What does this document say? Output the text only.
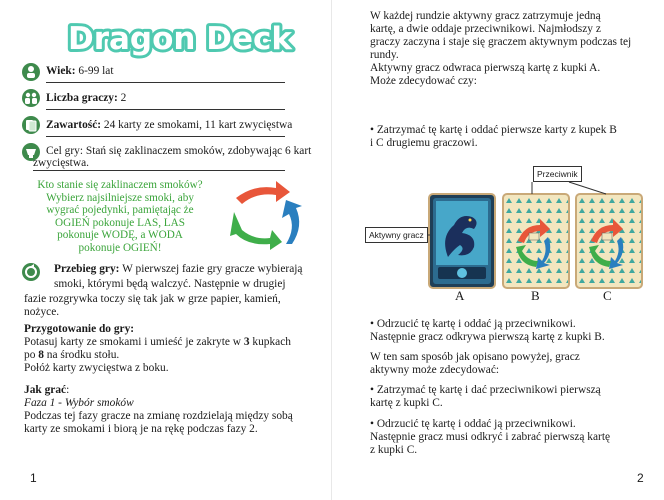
Dragon Deck
Wiek: 6-99 lat
Liczba graczy: 2
Zawartość: 24 karty ze smokami, 11 kart zwycięstwa
Cel gry: Stań się zaklinaczem smoków, zdobywając 6 kart
zwycięstwa.
Kto stanie się zaklinaczem smoków?
Wybierz najsilniejsze smoki, aby
wygrać pojedynki, pamiętając że
OGIEŃ pokonuje LAS, LAS
pokonuje WODĘ, a WODA
pokonuje OGIEŃ!
Przebieg gry: W pierwszej fazie gry gracze wybierają
smoki, którymi będą walczyć. Następnie w drugiej
fazie rozgrywka toczy się tak jak w grze papier, kamień,
nożyce.
Przygotowanie do gry:
Potasuj karty ze smokami i umieść je zakryte w 3 kupkach
po 8 na środku stołu.
Połóż karty zwycięstwa z boku.
Jak grać:
Faza 1 - Wybór smoków
Podczas tej fazy gracze na zmianę rozdzielają między sobą
karty ze smokami i biorą je na rękę podczas fazy 2.
1
W każdej rundzie aktywny gracz zatrzymuje jedną
kartę, a dwie oddaje przeciwnikowi. Najmłodszy z
graczy zaczyna i staje się graczem aktywnym podczas tej
rundy.
Aktywny gracz odwraca pierwszą kartę z kupki A.
Może zdecydować czy:
• Zatrzymać tę kartę i oddać pierwsze karty z kupek B
i C drugiemu graczowi.
Aktywny gracz
Przeciwnik
A	B	C
• Odrzucić tę kartę i oddać ją przeciwnikowi.
Następnie gracz odkrywa pierwszą kartę z kupki B.
W ten sam sposób jak opisano powyżej, gracz
aktywny może zdecydować:
• Zatrzymać tę kartę i dać przeciwnikowi pierwszą
kartę z kupki C.
• Odrzucić tę kartę i oddać ją przeciwnikowi.
Następnie gracz musi odkryć i zabrać pierwszą kartę
z kupki C.
2
